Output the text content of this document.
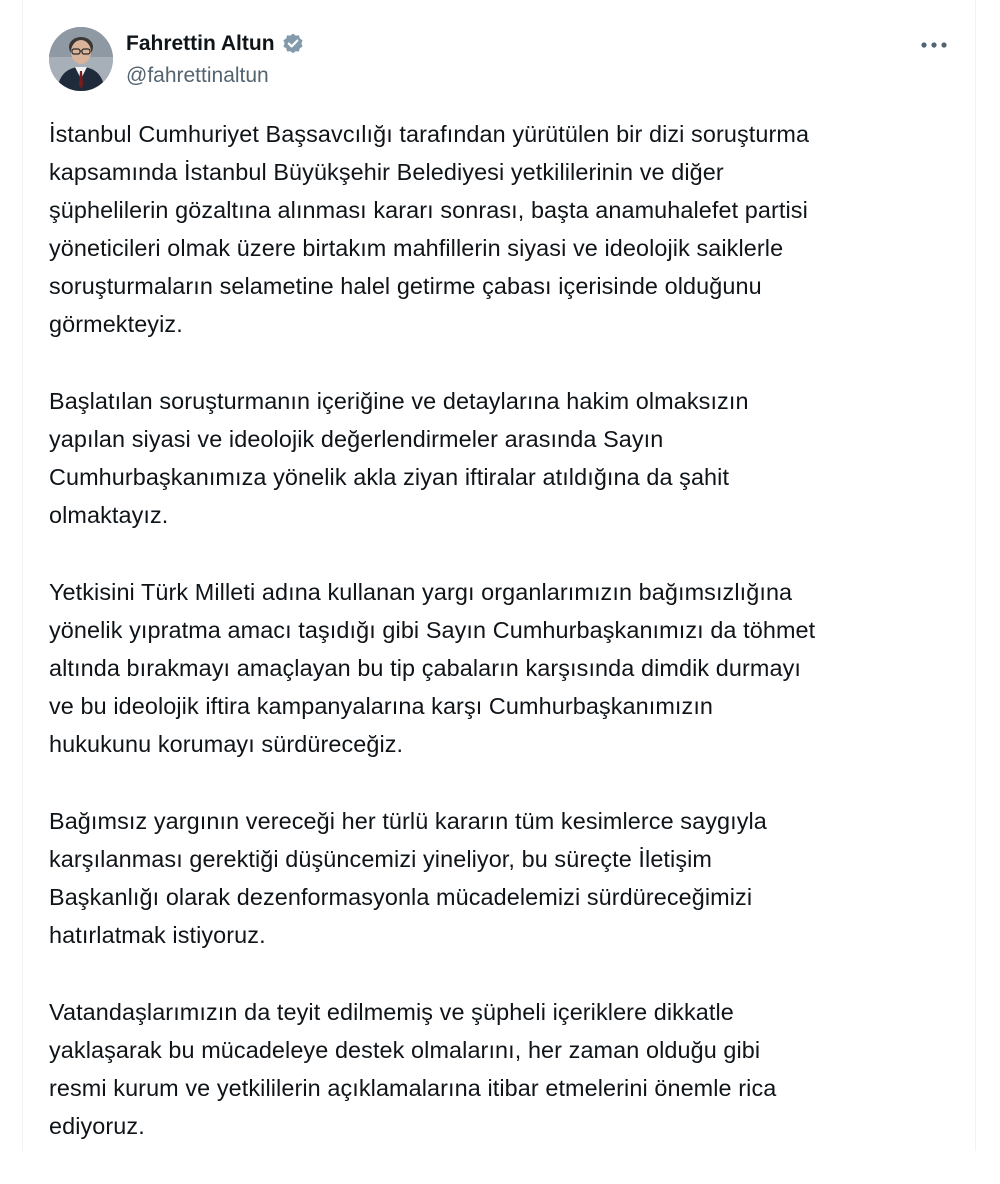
Fahrettin Altun
@fahrettinaltun

İstanbul Cumhuriyet Başsavcılığı tarafından yürütülen bir dizi soruşturma
kapsamında İstanbul Büyükşehir Belediyesi yetkililerinin ve diğer
şüphelilerin gözaltına alınması kararı sonrası, başta anamuhalefet partisi
yöneticileri olmak üzere birtakım mahfillerin siyasi ve ideolojik saiklerle
soruşturmaların selametine halel getirme çabası içerisinde olduğunu
görmekteyiz.

Başlatılan soruşturmanın içeriğine ve detaylarına hakim olmaksızın
yapılan siyasi ve ideolojik değerlendirmeler arasında Sayın
Cumhurbaşkanımıza yönelik akla ziyan iftiralar atıldığına da şahit
olmaktayız.

Yetkisini Türk Milleti adına kullanan yargı organlarımızın bağımsızlığına
yönelik yıpratma amacı taşıdığı gibi Sayın Cumhurbaşkanımızı da töhmet
altında bırakmayı amaçlayan bu tip çabaların karşısında dimdik durmayı
ve bu ideolojik iftira kampanyalarına karşı Cumhurbaşkanımızın
hukukunu korumayı sürdüreceğiz.

Bağımsız yargının vereceği her türlü kararın tüm kesimlerce saygıyla
karşılanması gerektiği düşüncemizi yineliyor, bu süreçte İletişim
Başkanlığı olarak dezenformasyonla mücadelemizi sürdüreceğimizi
hatırlatmak istiyoruz.

Vatandaşlarımızın da teyit edilmemiş ve şüpheli içeriklere dikkatle
yaklaşarak bu mücadeleye destek olmalarını, her zaman olduğu gibi
resmi kurum ve yetkililerin açıklamalarına itibar etmelerini önemle rica
ediyoruz.
